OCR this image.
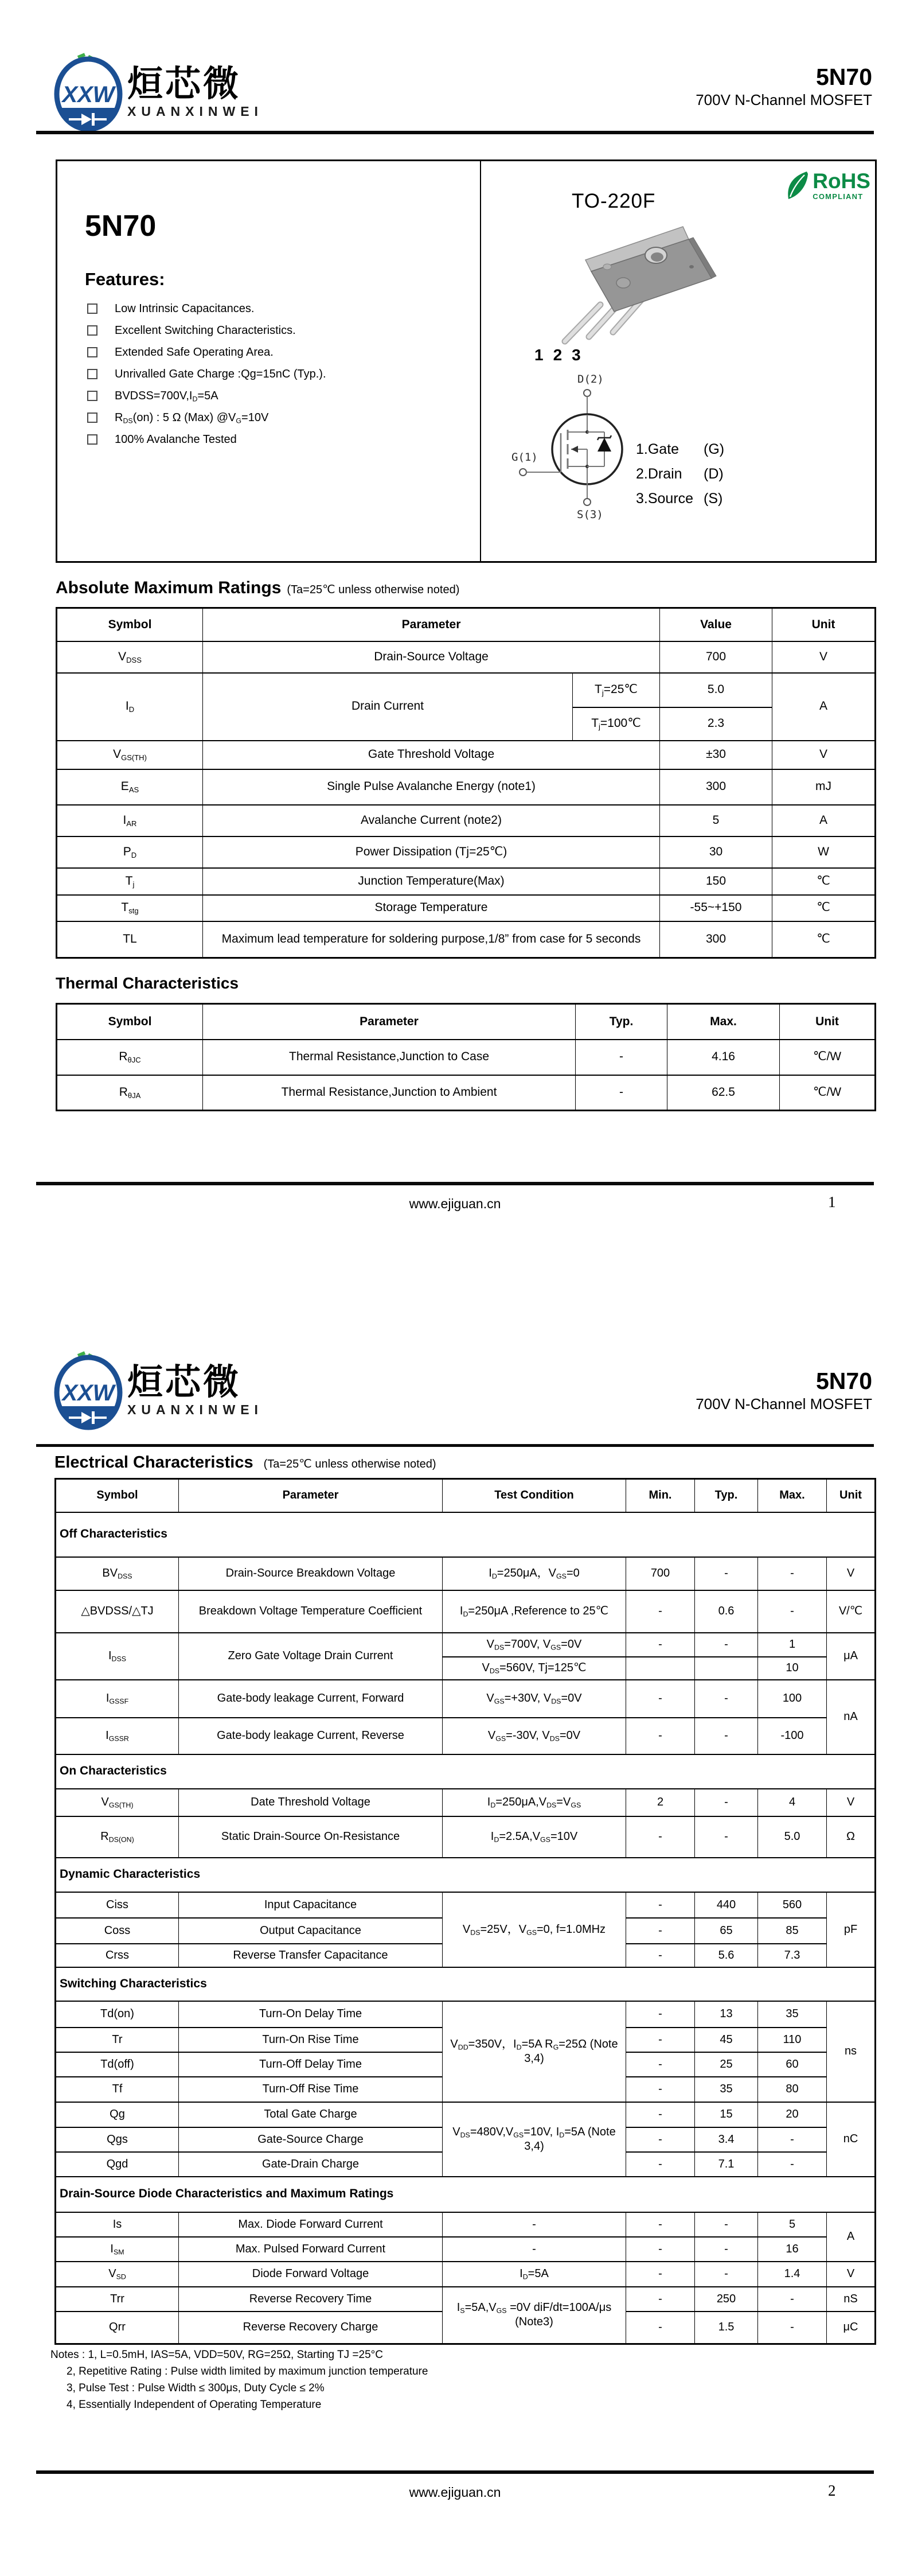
XXW 烜芯微
XUANXINWEI
5N70
700V N-Channel MOSFET
5N70
Features:
Low Intrinsic Capacitances.
Excellent Switching Characteristics.
Extended Safe Operating Area.
Unrivalled Gate Charge :Qg=15nC (Typ.).
$BVDSS=700V,I_D=5A$
$R_{DS}(on)$ : 5 Ω (Max) $@V_G=10V$
100% Avalanche Tested
TO-220F
RoHS
COMPLIANT
1 2 3
D(2)
G(1)
S(3)
1.Gate	(G)
2.Drain	(D)
3.Source (S)
Absolute Maximum Ratings (Ta=25℃ unless otherwise noted)
Symbol	Parameter		Value	Unit
$V_{DSS}$	Drain-Source Voltage		700	V
$I_D$	Drain Current	$T_j=25℃$	5.0	A
		$T_j=100℃$	2.3	
$V_{GS(TH)}$	Gate Threshold Voltage		±30	V
$E_{AS}$	Single Pulse Avalanche Energy (note1)		300	mJ
$I_{AR}$	Avalanche Current (note2)		5	A
$P_D$	Power Dissipation (Tj=25℃)		30	W
$T_j$	Junction Temperature(Max)		150	℃
$T_{stg}$	Storage Temperature		-55~+150	℃
TL	Maximum lead temperature for soldering purpose,1/8” from case for 5 seconds		300	℃
Thermal Characteristics
Symbol	Parameter	Typ.	Max.	Unit
$R_{\theta JC}$	Thermal Resistance,Junction to Case	-	4.16	℃/W
$R_{\theta JA}$	Thermal Resistance,Junction to Ambient	-	62.5	℃/W
www.ejiguan.cn	1
XXW 烜芯微
XUANXINWEI
5N70
700V N-Channel MOSFET
Electrical Characteristics (Ta=25℃ unless otherwise noted)
Symbol	Parameter	Test Condition	Min.	Typ.	Max.	Unit
Off Characteristics						
$BV_{DSS}$	Drain-Source Breakdown Voltage	$I_D=250\mu A$，$V_{GS}=0$	700	-	-	V
△BVDSS/△TJ	Breakdown Voltage Temperature Coefficient	$I_D=250\mu A$ ,Reference to 25℃	-	0.6	-	V/℃
$I_{DSS}$	Zero Gate Voltage Drain Current	$V_{DS}=700V$, $V_{GS}=0V$	-	-	1	μA
		$V_{DS}=560V$, Tj=125℃			10	
$I_{GSSF}$	Gate-body leakage Current, Forward	$V_{GS}=+30V$, $V_{DS}=0V$	-	-	100	nA
$I_{GSSR}$	Gate-body leakage Current, Reverse	$V_{GS}=-30V$, $V_{DS}=0V$	-	-	-100	
On Characteristics						
$V_{GS(TH)}$	Date Threshold Voltage	$I_D=250\mu A,V_{DS}=V_{GS}$	2	-	4	V
$R_{DS(ON)}$	Static Drain-Source On-Resistance	$I_D=2.5A,V_{GS}=10V$	-	-	5.0	Ω
Dynamic Characteristics						
Ciss	Input Capacitance	$V_{DS}=25V$，$V_{GS}=0$, f=1.0MHz	-	440	560	pF
Coss	Output Capacitance		-	65	85	
Crss	Reverse Transfer Capacitance		-	5.6	7.3	
Switching Characteristics						
Td(on)	Turn-On Delay Time	$V_{DD}=350V$，$I_D=5A$ $R_G=25\Omega$ (Note 3,4)	-	13	35	ns
Tr	Turn-On Rise Time		-	45	110	
Td(off)	Turn-Off Delay Time		-	25	60	
Tf	Turn-Off Rise Time		-	35	80	
Qg	Total Gate Charge	$V_{DS}=480V,V_{GS}=10V$, $I_D=5A$ (Note 3,4)	-	15	20	nC
Qgs	Gate-Source Charge		-	3.4	-	
Qgd	Gate-Drain Charge		-	7.1	-	
Drain-Source Diode Characteristics and Maximum Ratings						
Is	Max. Diode Forward Current	-	-	-	5	A
$I_{SM}$	Max. Pulsed Forward Current	-	-	-	16	
$V_{SD}$	Diode Forward Voltage	$I_D=5A$	-	-	1.4	V
Trr	Reverse Recovery Time	$I_S=5A,V_{GS} =0V$ diF/dt=100A/μs (Note3)	-	250	-	nS
Qrr	Reverse Recovery Charge		-	1.5	-	μC
Notes : 1, L=0.5mH, IAS=5A, VDD=50V, RG=25Ω, Starting TJ =25°C
2, Repetitive Rating : Pulse width limited by maximum junction temperature
3, Pulse Test : Pulse Width ≤ 300μs, Duty Cycle ≤ 2%
4, Essentially Independent of Operating Temperature
www.ejiguan.cn	2
